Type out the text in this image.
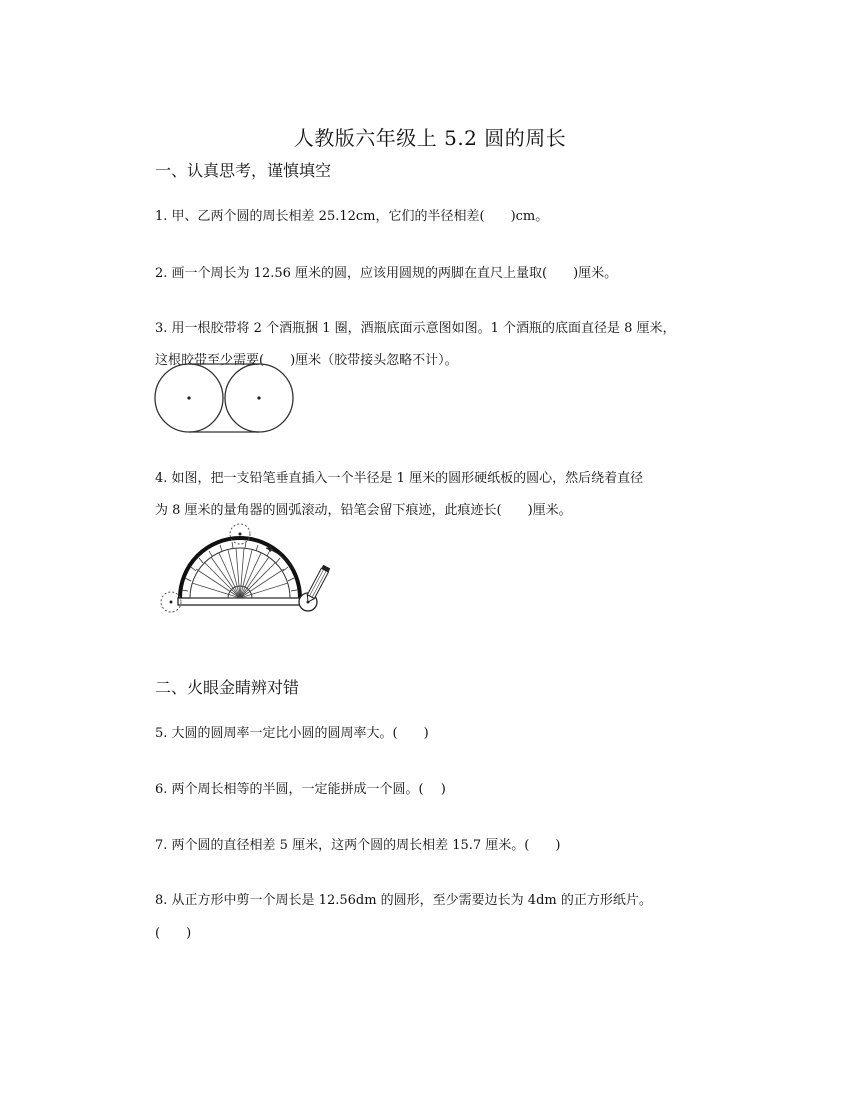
人教版六年级上 5.2 圆的周长
一、认真思考，谨慎填空
1. 甲、乙两个圆的周长相差 25.12cm，它们的半径相差(　　)cm。
2. 画一个周长为 12.56 厘米的圆，应该用圆规的两脚在直尺上量取(　　)厘米。
3. 用一根胶带将 2 个酒瓶捆 1 圈，酒瓶底面示意图如图。1 个酒瓶的底面直径是 8 厘米，
这根胶带至少需要(　　)厘米（胶带接头忽略不计）。
4. 如图，把一支铅笔垂直插入一个半径是 1 厘米的圆形硬纸板的圆心，然后绕着直径
为 8 厘米的量角器的圆弧滚动，铅笔会留下痕迹，此痕迹长(　　)厘米。
二、火眼金睛辨对错
5. 大圆的圆周率一定比小圆的圆周率大。(　　)
6. 两个周长相等的半圆，一定能拼成一个圆。(　 )
7. 两个圆的直径相差 5 厘米，这两个圆的周长相差 15.7 厘米。(　　)
8. 从正方形中剪一个周长是 12.56dm 的圆形，至少需要边长为 4dm 的正方形纸片。
(　　)
